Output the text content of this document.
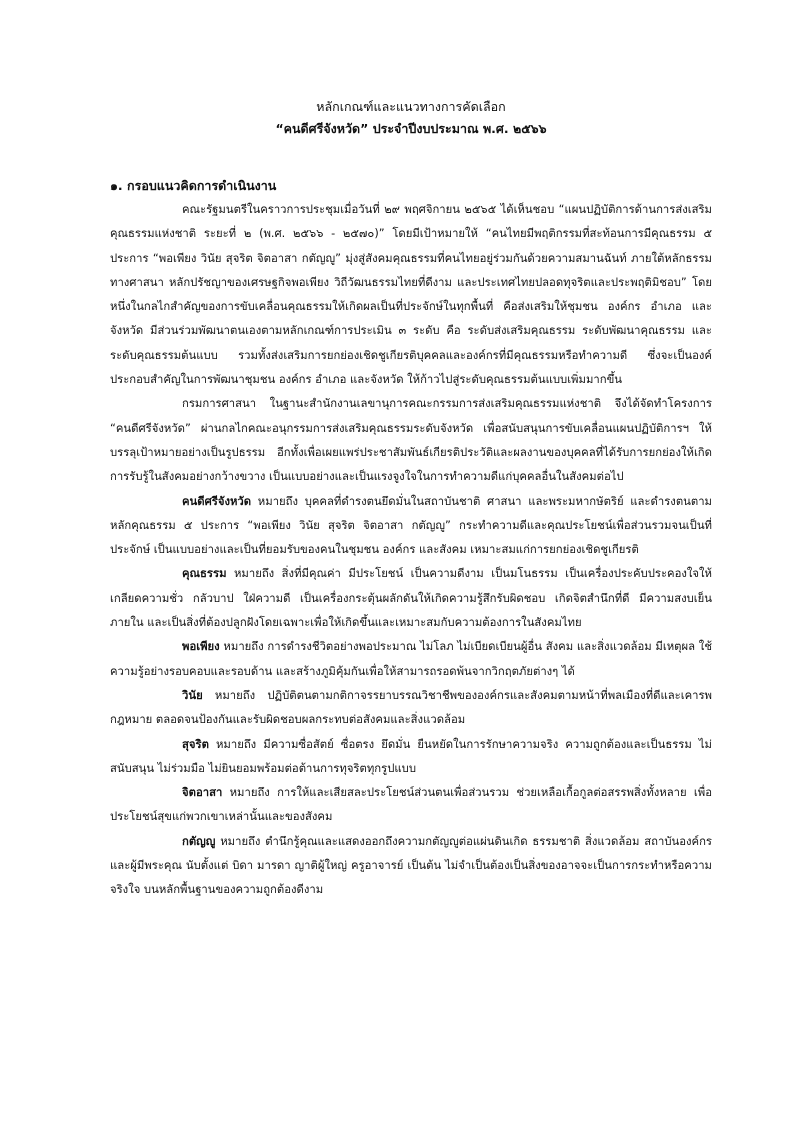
หลักเกณฑ์และแนวทางการคัดเลือก
“คนดีศรีจังหวัด” ประจำปีงบประมาณ พ.ศ. ๒๕๖๖
๑. กรอบแนวคิดการดำเนินงาน

คณะรัฐมนตรีในคราวการประชุมเมื่อวันที่ ๒๙ พฤศจิกายน ๒๕๖๕ ได้เห็นชอบ “แผนปฏิบัติการด้านการส่งเสริมคุณธรรมแห่งชาติ ระยะที่ ๒ (พ.ศ. ๒๕๖๖ - ๒๕๗๐)” โดยมีเป้าหมายให้ “คนไทยมีพฤติกรรมที่สะท้อนการมีคุณธรรม ๕ ประการ “พอเพียง วินัย สุจริต จิตอาสา กตัญญู” มุ่งสู่สังคมคุณธรรมที่คนไทยอยู่ร่วมกันด้วยความสมานฉันท์ ภายใต้หลักธรรมทางศาสนา หลักปรัชญาของเศรษฐกิจพอเพียง วิถีวัฒนธรรมไทยที่ดีงาม และประเทศไทยปลอดทุจริตและประพฤติมิชอบ” โดยหนึ่งในกลไกสำคัญของการขับเคลื่อนคุณธรรมให้เกิดผลเป็นที่ประจักษ์ในทุกพื้นที่ คือส่งเสริมให้ชุมชน องค์กร อำเภอ และจังหวัด มีส่วนร่วมพัฒนาตนเองตามหลักเกณฑ์การประเมิน ๓ ระดับ คือ ระดับส่งเสริมคุณธรรม ระดับพัฒนาคุณธรรม และระดับคุณธรรมต้นแบบ รวมทั้งส่งเสริมการยกย่องเชิดชูเกียรติบุคคลและองค์กรที่มีคุณธรรมหรือทำความดี ซึ่งจะเป็นองค์ประกอบสำคัญในการพัฒนาชุมชน องค์กร อำเภอ และจังหวัด ให้ก้าวไปสู่ระดับคุณธรรมต้นแบบเพิ่มมากขึ้น

กรมการศาสนา ในฐานะสำนักงานเลขานุการคณะกรรมการส่งเสริมคุณธรรมแห่งชาติ จึงได้จัดทำโครงการ “คนดีศรีจังหวัด” ผ่านกลไกคณะอนุกรรมการส่งเสริมคุณธรรมระดับจังหวัด เพื่อสนับสนุนการขับเคลื่อนแผนปฏิบัติการฯ ให้บรรลุเป้าหมายอย่างเป็นรูปธรรม อีกทั้งเพื่อเผยแพร่ประชาสัมพันธ์เกียรติประวัติและผลงานของบุคคลที่ได้รับการยกย่องให้เกิดการรับรู้ในสังคมอย่างกว้างขวาง เป็นแบบอย่างและเป็นแรงจูงใจในการทำความดีแก่บุคคลอื่นในสังคมต่อไป

คนดีศรีจังหวัด หมายถึง บุคคลที่ดำรงตนยึดมั่นในสถาบันชาติ ศาสนา และพระมหากษัตริย์ และดำรงตนตามหลักคุณธรรม ๕ ประการ “พอเพียง วินัย สุจริต จิตอาสา กตัญญู” กระทำความดีและคุณประโยชน์เพื่อส่วนรวมจนเป็นที่ประจักษ์ เป็นแบบอย่างและเป็นที่ยอมรับของคนในชุมชน องค์กร และสังคม เหมาะสมแก่การยกย่องเชิดชูเกียรติ

คุณธรรม หมายถึง สิ่งที่มีคุณค่า มีประโยชน์ เป็นความดีงาม เป็นมโนธรรม เป็นเครื่องประคับประคองใจให้เกลียดความชั่ว กลัวบาป ใฝ่ความดี เป็นเครื่องกระตุ้นผลักดันให้เกิดความรู้สึกรับผิดชอบ เกิดจิตสำนึกที่ดี มีความสงบเย็นภายใน และเป็นสิ่งที่ต้องปลูกฝังโดยเฉพาะเพื่อให้เกิดขึ้นและเหมาะสมกับความต้องการในสังคมไทย

พอเพียง หมายถึง การดำรงชีวิตอย่างพอประมาณ ไม่โลภ ไม่เบียดเบียนผู้อื่น สังคม และสิ่งแวดล้อม มีเหตุผล ใช้ความรู้อย่างรอบคอบและรอบด้าน และสร้างภูมิคุ้มกันเพื่อให้สามารถรอดพ้นจากวิกฤตภัยต่างๆ ได้

วินัย หมายถึง ปฏิบัติตนตามกติกาจรรยาบรรณวิชาชีพขององค์กรและสังคมตามหน้าที่พลเมืองที่ดีและเคารพกฎหมาย ตลอดจนป้องกันและรับผิดชอบผลกระทบต่อสังคมและสิ่งแวดล้อม

สุจริต หมายถึง มีความซื่อสัตย์ ซื่อตรง ยึดมั่น ยืนหยัดในการรักษาความจริง ความถูกต้องและเป็นธรรม ไม่สนับสนุน ไม่ร่วมมือ ไม่ยินยอมพร้อมต่อต้านการทุจริตทุกรูปแบบ

จิตอาสา หมายถึง การให้และเสียสละประโยชน์ส่วนตนเพื่อส่วนรวม ช่วยเหลือเกื้อกูลต่อสรรพสิ่งทั้งหลาย เพื่อประโยชน์สุขแก่พวกเขาเหล่านั้นและของสังคม

กตัญญู หมายถึง ตำนึกรู้คุณและแสดงออกถึงความกตัญญูต่อแผ่นดินเกิด ธรรมชาติ สิ่งแวดล้อม สถาบันองค์กร และผู้มีพระคุณ นับตั้งแต่ บิดา มารดา ญาติผู้ใหญ่ ครูอาจารย์ เป็นต้น ไม่จำเป็นต้องเป็นสิ่งของอาจจะเป็นการกระทำหรือความจริงใจ บนหลักพื้นฐานของความถูกต้องดีงาม
